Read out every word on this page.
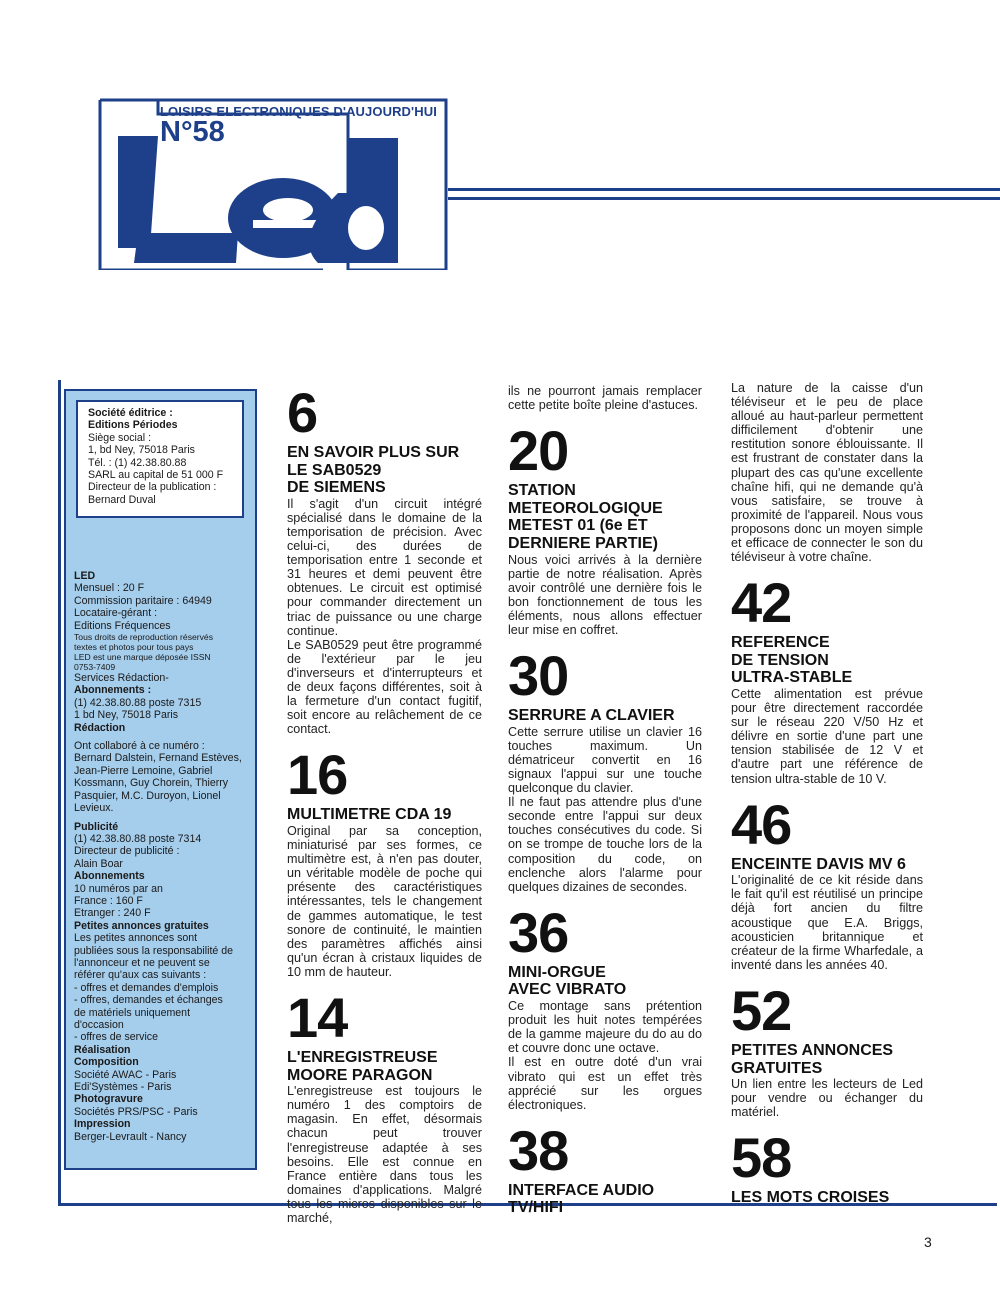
LOISIRS ELECTRONIQUES D'AUJOURD'HUI
N°58
Société éditrice :
Editions Périodes
Siège social :
1, bd Ney, 75018 Paris
Tél. : (1) 42.38.80.88
SARL au capital de 51 000 F
Directeur de la publication :
Bernard Duval
LED
Mensuel : 20 F
Commission paritaire : 64949
Locataire-gérant :
Editions Fréquences
Tous droits de reproduction réservés
textes et photos pour tous pays
LED est une marque déposée ISSN
0753-7409
Services Rédaction-
Abonnements :
(1) 42.38.80.88 poste 7315
1 bd Ney, 75018 Paris
Rédaction
Ont collaboré à ce numéro :
Bernard Dalstein, Fernand Estèves,
Jean-Pierre Lemoine, Gabriel
Kossmann, Guy Chorein, Thierry
Pasquier, M.C. Duroyon, Lionel
Levieux.
Publicité
(1) 42.38.80.88 poste 7314
Directeur de publicité :
Alain Boar
Abonnements
10 numéros par an
France : 160 F
Etranger : 240 F
Petites annonces gratuites
Les petites annonces sont
publiées sous la responsabilité de
l'annonceur et ne peuvent se
référer qu'aux cas suivants :
- offres et demandes d'emplois
- offres, demandes et échanges
de matériels uniquement
d'occasion
- offres de service
Réalisation
Composition
Société AWAC - Paris
Edi'Systèmes - Paris
Photogravure
Sociétés PRS/PSC - Paris
Impression
Berger-Levrault - Nancy
6
EN SAVOIR PLUS SUR
LE SAB0529
DE SIEMENS
Il s'agit d'un circuit intégré spécialisé dans le domaine de la temporisation de précision. Avec celui-ci, des durées de temporisation entre 1 seconde et 31 heures et demi peuvent être obtenues. Le circuit est optimisé pour commander directement un triac de puissance ou une charge continue.
Le SAB0529 peut être programmé de l'extérieur par le jeu d'inverseurs et d'interrupteurs et de deux façons différentes, soit à la fermeture d'un contact fugitif, soit encore au relâchement de ce contact.
16
MULTIMETRE CDA 19
Original par sa conception, miniaturisé par ses formes, ce multimètre est, à n'en pas douter, un véritable modèle de poche qui présente des caractéristiques intéressantes, tels le changement de gammes automatique, le test sonore de continuité, le maintien des paramètres affichés ainsi qu'un écran à cristaux liquides de 10 mm de hauteur.
14
L'ENREGISTREUSE
MOORE PARAGON
L'enregistreuse est toujours le numéro 1 des comptoirs de magasin. En effet, désormais chacun peut trouver l'enregistreuse adaptée à ses besoins. Elle est connue en France entière dans tous les domaines d'applications. Malgré tous les micros disponibles sur le marché,
ils ne pourront jamais remplacer cette petite boîte pleine d'astuces.
20
STATION
METEOROLOGIQUE
METEST 01 (6e ET
DERNIERE PARTIE)
Nous voici arrivés à la dernière partie de notre réalisation. Après avoir contrôlé une dernière fois le bon fonctionnement de tous les éléments, nous allons effectuer leur mise en coffret.
30
SERRURE A CLAVIER
Cette serrure utilise un clavier 16 touches maximum. Un dématriceur convertit en 16 signaux l'appui sur une touche quelconque du clavier.
Il ne faut pas attendre plus d'une seconde entre l'appui sur deux touches consécutives du code. Si on se trompe de touche lors de la composition du code, on enclenche alors l'alarme pour quelques dizaines de secondes.
36
MINI-ORGUE
AVEC VIBRATO
Ce montage sans prétention produit les huit notes tempérées de la gamme majeure du do au do et couvre donc une octave.
Il est en outre doté d'un vrai vibrato qui est un effet très apprécié sur les orgues électroniques.
38
INTERFACE AUDIO
TV/HIFI
La nature de la caisse d'un téléviseur et le peu de place alloué au haut-parleur permettent difficilement d'obtenir une restitution sonore éblouissante. Il est frustrant de constater dans la plupart des cas qu'une excellente chaîne hifi, qui ne demande qu'à vous satisfaire, se trouve à proximité de l'appareil. Nous vous proposons donc un moyen simple et efficace de connecter le son du téléviseur à votre chaîne.
42
REFERENCE
DE TENSION
ULTRA-STABLE
Cette alimentation est prévue pour être directement raccordée sur le réseau 220 V/50 Hz et délivre en sortie d'une part une tension stabilisée de 12 V et d'autre part une référence de tension ultra-stable de 10 V.
46
ENCEINTE DAVIS MV 6
L'originalité de ce kit réside dans le fait qu'il est réutilisé un principe déjà fort ancien du filtre acoustique que E.A. Briggs, acousticien britannique et créateur de la firme Wharfedale, a inventé dans les années 40.
52
PETITES ANNONCES
GRATUITES
Un lien entre les lecteurs de Led pour vendre ou échanger du matériel.
58
LES MOTS CROISES
3
